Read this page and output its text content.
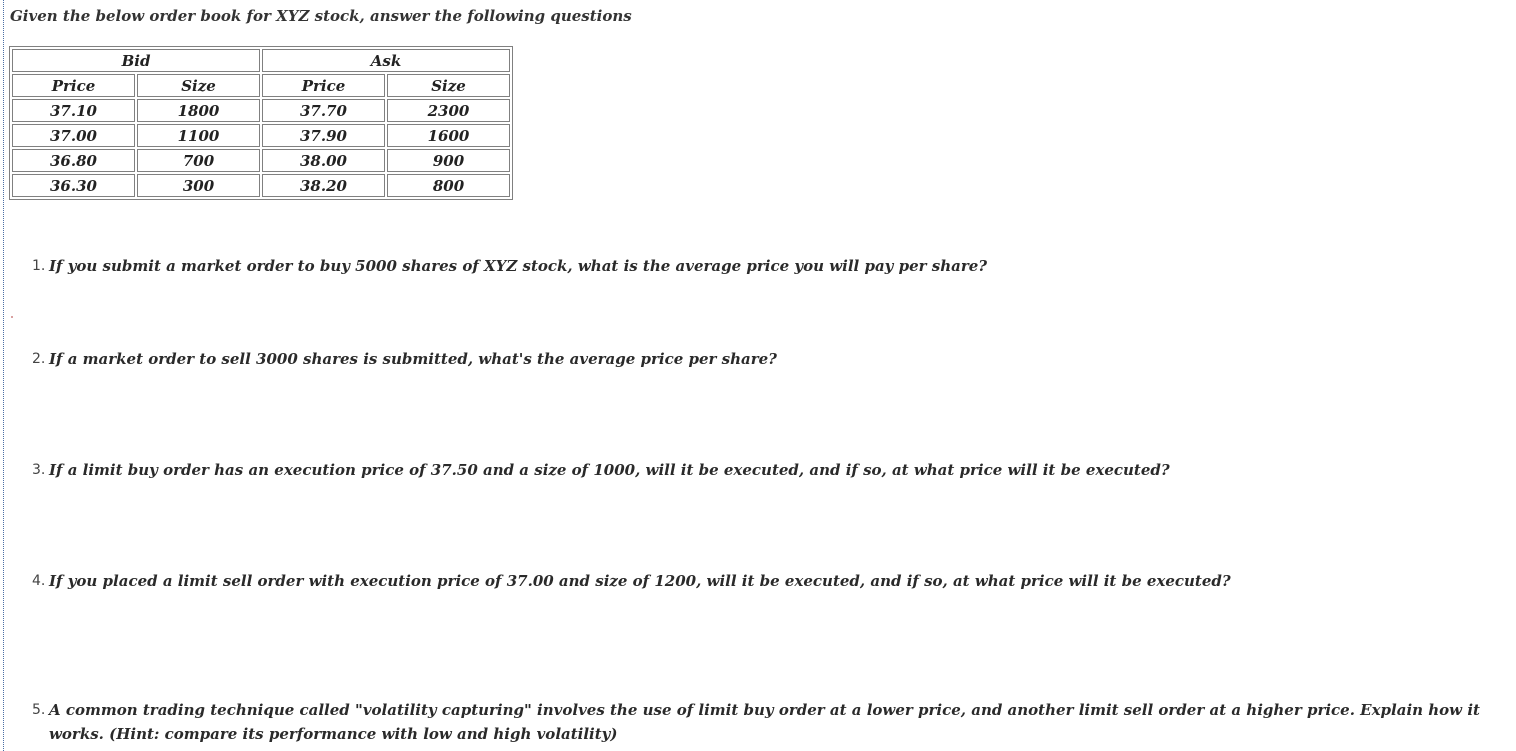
Given the below order book for XYZ stock, answer the following questions
Bid		Ask	
Price	Size	Price	Size
37.10	1800	37.70	2300
37.00	1100	37.90	1600
36.80	700	38.00	900
36.30	300	38.20	800
1. If you submit a market order to buy 5000 shares of XYZ stock, what is the average price you will pay per share?
2. If a market order to sell 3000 shares is submitted, what's the average price per share?
3. If a limit buy order has an execution price of 37.50 and a size of 1000, will it be executed, and if so, at what price will it be executed?
4. If you placed a limit sell order with execution price of 37.00 and size of 1200, will it be executed, and if so, at what price will it be executed?
5. A common trading technique called "volatility capturing" involves the use of limit buy order at a lower price, and another limit sell order at a higher price. Explain how it works. (Hint: compare its performance with low and high volatility)
